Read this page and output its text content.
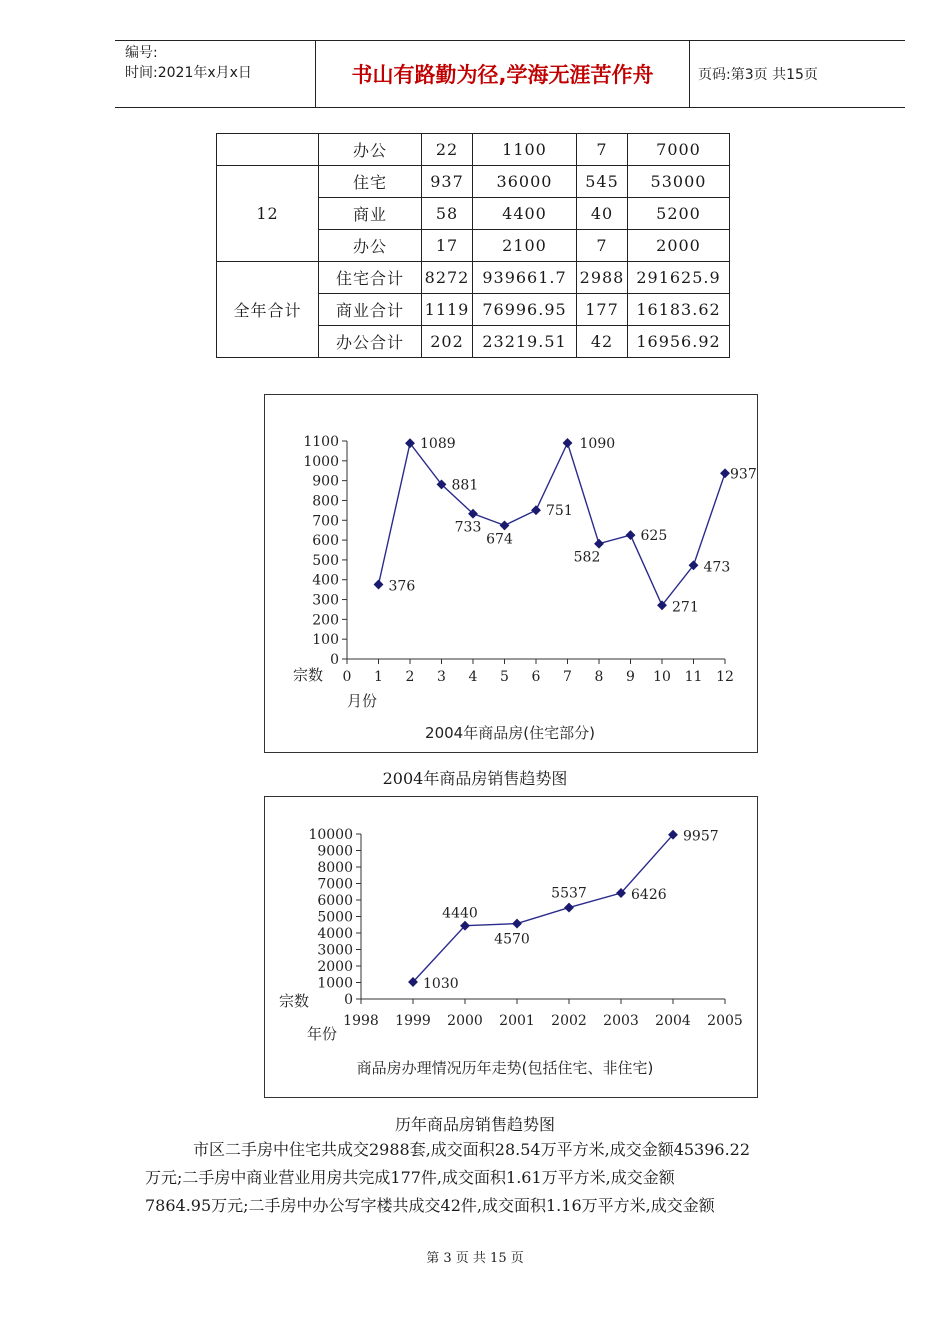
编号:
时间:2021年x月x日	书山有路勤为径,学海无涯苦作舟	页码:第3页 共15页
	办公	22	1100	7	7000
12	住宅	937	36000	545	53000
	商业	58	4400	40	5200
	办公	17	2100	7	2000
全年合计	住宅合计	8272	939661.7	2988	291625.9
	商业合计	1119	76996.95	177	16183.62
	办公合计	202	23219.51	42	16956.92
宗数
月份
2004年商品房(住宅部分)
0
100
200
300
400
500
600
700
800
900
1000
1100
0 1 2 3 4 5 6 7 8 9 10 11 12
376
1089
881
733
674
751
1090
582
625
271
473
937
2004年商品房销售趋势图
宗数
年份
商品房办理情况历年走势(包括住宅、非住宅)
0
1000
2000
3000
4000
5000
6000
7000
8000
9000
10000
1998 1999 2000 2001 2002 2003 2004 2005
1030
4440
4570
5537	6426
9957
历年商品房销售趋势图
市区二手房中住宅共成交2988套,成交面积28.54万平方米,成交金额45396.22
万元;二手房中商业营业用房共完成177件,成交面积1.61万平方米,成交金额
7864.95万元;二手房中办公写字楼共成交42件,成交面积1.16万平方米,成交金额
第 3 页 共 15 页
